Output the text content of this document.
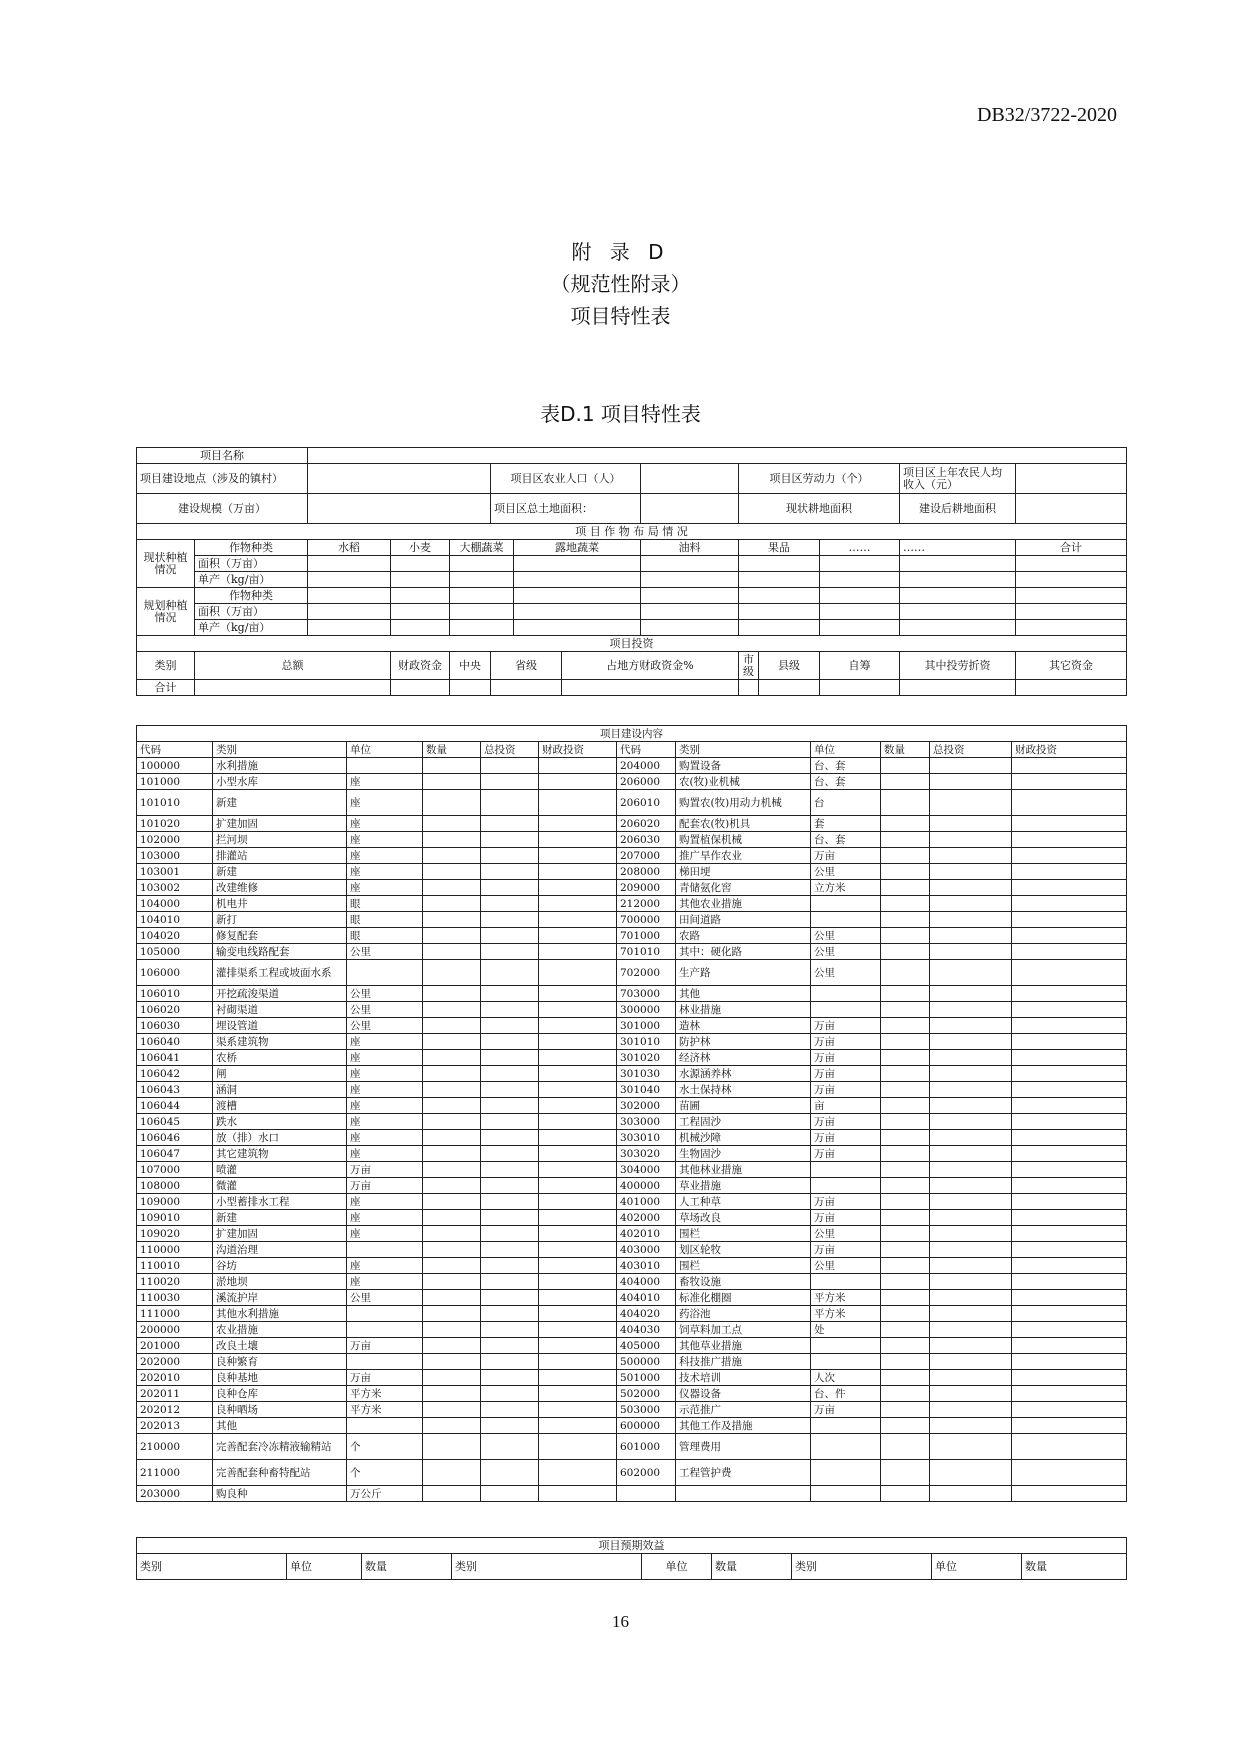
DB32/3722-2020
附 录 D
（规范性附录）
项目特性表
表D.1 项目特性表
项目名称													
项目建设地点（涉及的镇村）					项目区农业人口（人）				项目区劳动力（个）			项目区上年农民人均收入（元）	
建设规模（万亩）					项目区总土地面积：				现状耕地面积			建设后耕地面积	
项 目 作 物 布 局 情 况													
现状种植情况	作物种类	水稻	小麦	大棚蔬菜		露地蔬菜		油料	果品		……	……	合计
	面积（万亩）												
	单产（kg/亩）												
规划种植情况	作物种类												
	面积（万亩）												
	单产（kg/亩）												
项目投资													
类别	总额		财政资金	中央	省级		占地方财政资金%		市级	县级	自筹	其中投劳折资	其它资金
合计													
项目建设内容											
代码	类别	单位	数量	总投资	财政投资	代码	类别	单位	数量	总投资	财政投资
100000	水利措施					204000	购置设备	台、套			
101000	小型水库	座				206000	农(牧)业机械	台、套			
101010	新建	座				206010	购置农(牧)用动力机械	台			
101020	扩建加固	座				206020	配套农(牧)机具	套			
102000	拦河坝	座				206030	购置植保机械	台、套			
103000	排灌站	座				207000	推广旱作农业	万亩			
103001	新建	座				208000	梯田埂	公里			
103002	改建维修	座				209000	青储氨化窖	立方米			
104000	机电井	眼				212000	其他农业措施				
104010	新打	眼				700000	田间道路				
104020	修复配套	眼				701000	农路	公里			
105000	输变电线路配套	公里				701010	其中：硬化路	公里			
106000	灌排渠系工程或坡面水系					702000	生产路	公里			
106010	开挖疏浚渠道	公里				703000	其他				
106020	衬砌渠道	公里				300000	林业措施				
106030	埋设管道	公里				301000	造林	万亩			
106040	渠系建筑物	座				301010	防护林	万亩			
106041	农桥	座				301020	经济林	万亩			
106042	闸	座				301030	水源涵养林	万亩			
106043	涵洞	座				301040	水土保持林	万亩			
106044	渡槽	座				302000	苗圃	亩			
106045	跌水	座				303000	工程固沙	万亩			
106046	放（排）水口	座				303010	机械沙障	万亩			
106047	其它建筑物	座				303020	生物固沙	万亩			
107000	喷灌	万亩				304000	其他林业措施				
108000	微灌	万亩				400000	草业措施				
109000	小型蓄排水工程	座				401000	人工种草	万亩			
109010	新建	座				402000	草场改良	万亩			
109020	扩建加固	座				402010	围栏	公里			
110000	沟道治理					403000	划区轮牧	万亩			
110010	谷坊	座				403010	围栏	公里			
110020	淤地坝	座				404000	畜牧设施				
110030	溪流护岸	公里				404010	标准化棚圈	平方米			
111000	其他水利措施					404020	药浴池	平方米			
200000	农业措施					404030	饲草料加工点	处			
201000	改良土壤	万亩				405000	其他草业措施				
202000	良种繁育					500000	科技推广措施				
202010	良种基地	万亩				501000	技术培训	人次			
202011	良种仓库	平方米				502000	仪器设备	台、件			
202012	良种晒场	平方米				503000	示范推广	万亩			
202013	其他					600000	其他工作及措施				
210000	完善配套冷冻精液输精站	个				601000	管理费用				
211000	完善配套种畜特配站	个				602000	工程管护费				
203000	购良种	万公斤									
项目预期效益
类别	单位	数量	类别	单位	数量	类别	单位	数量
16
